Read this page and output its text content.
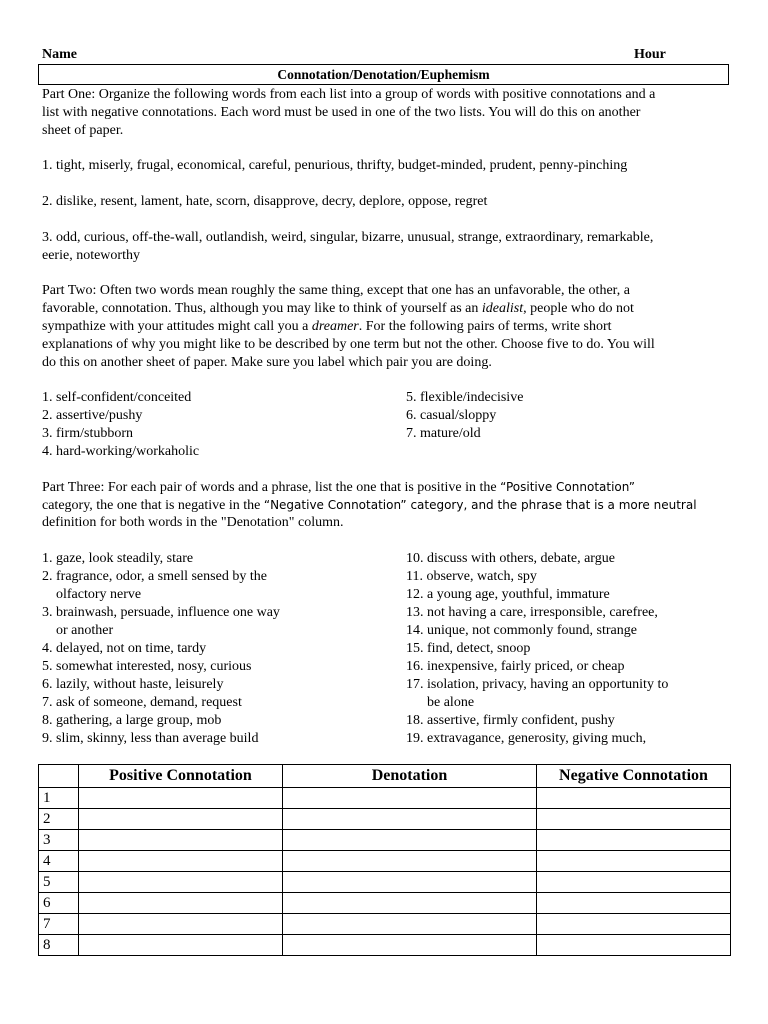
Name	Hour
Connotation/Denotation/Euphemism
Part One: Organize the following words from each list into a group of words with positive connotations and a
list with negative connotations. Each word must be used in one of the two lists. You will do this on another
sheet of paper.
1. tight, miserly, frugal, economical, careful, penurious, thrifty, budget-minded, prudent, penny-pinching
2. dislike, resent, lament, hate, scorn, disapprove, decry, deplore, oppose, regret
3. odd, curious, off-the-wall, outlandish, weird, singular, bizarre, unusual, strange, extraordinary, remarkable,
eerie, noteworthy
Part Two: Often two words mean roughly the same thing, except that one has an unfavorable, the other, a
favorable, connotation. Thus, although you may like to think of yourself as an idealist, people who do not
sympathize with your attitudes might call you a dreamer. For the following pairs of terms, write short
explanations of why you might like to be described by one term but not the other. Choose five to do. You will
do this on another sheet of paper. Make sure you label which pair you are doing.
1. self-confident/conceited
2. assertive/pushy
3. firm/stubborn
4. hard-working/workaholic
5. flexible/indecisive
6. casual/sloppy
7. mature/old
Part Three: For each pair of words and a phrase, list the one that is positive in the “Positive Connotation”
category, the one that is negative in the “Negative Connotation” category, and the phrase that is a more neutral
definition for both words in the "Denotation" column.
1. gaze, look steadily, stare
2. fragrance, odor, a smell sensed by the
olfactory nerve
3. brainwash, persuade, influence one way
or another
4. delayed, not on time, tardy
5. somewhat interested, nosy, curious
6. lazily, without haste, leisurely
7. ask of someone, demand, request
8. gathering, a large group, mob
9. slim, skinny, less than average build
10. discuss with others, debate, argue
11. observe, watch, spy
12. a young age, youthful, immature
13. not having a care, irresponsible, carefree,
14. unique, not commonly found, strange
15. find, detect, snoop
16. inexpensive, fairly priced, or cheap
17. isolation, privacy, having an opportunity to
be alone
18. assertive, firmly confident, pushy
19. extravagance, generosity, giving much,
	Positive Connotation	Denotation	Negative Connotation
1			
2			
3			
4			
5			
6			
7			
8			
